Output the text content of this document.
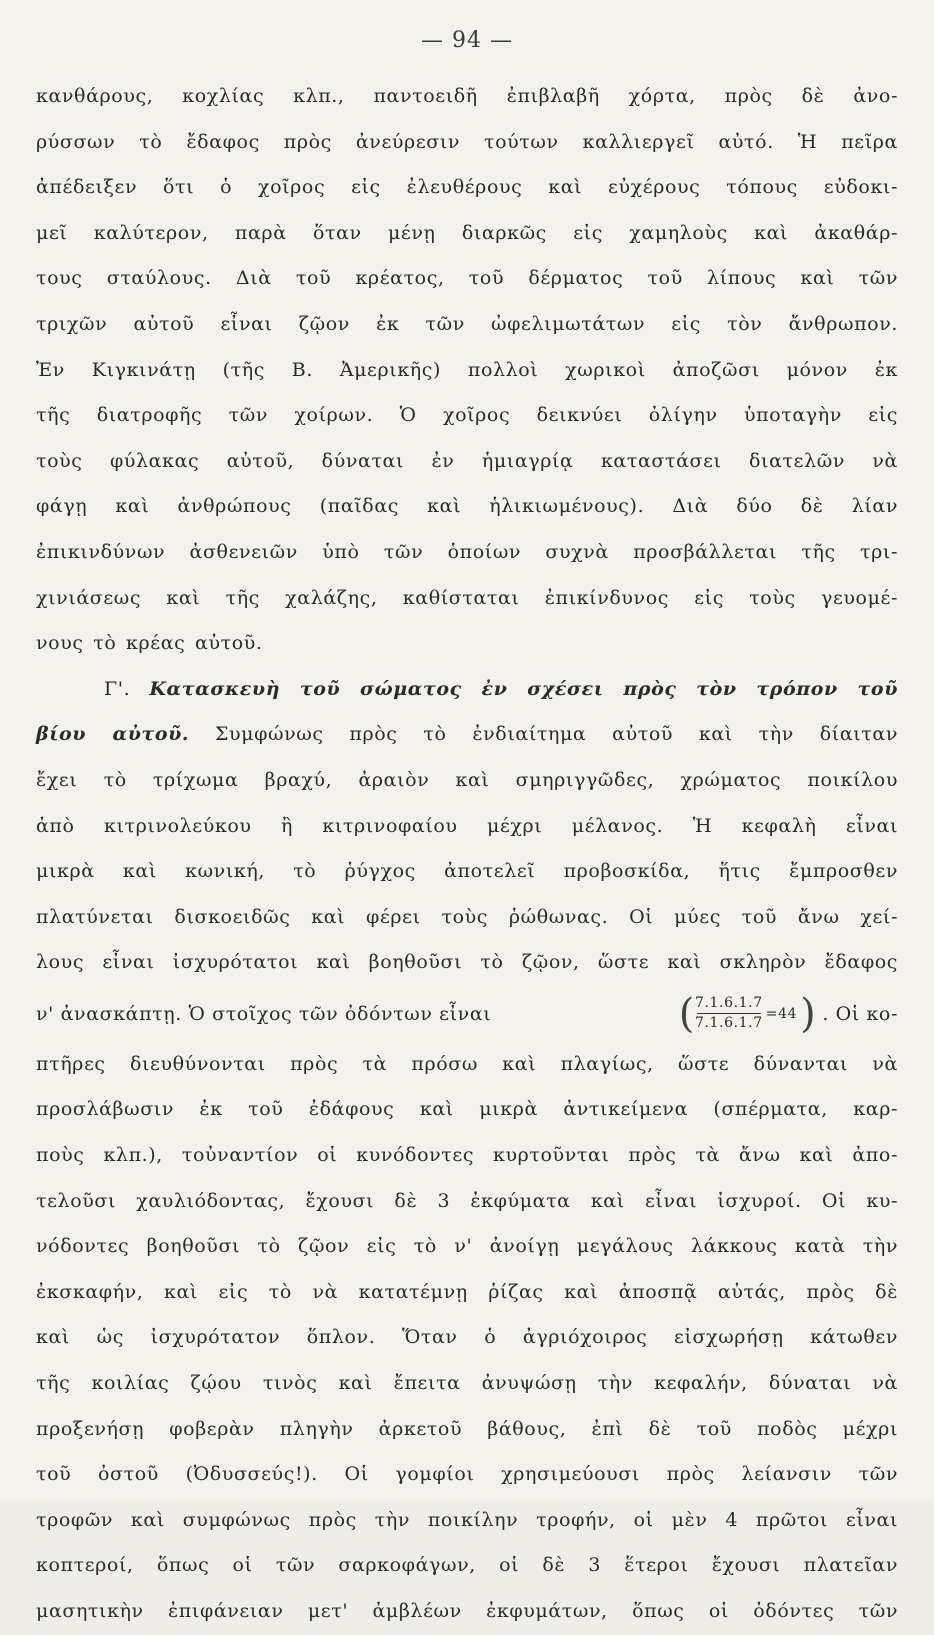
— 94 —
κανθάρους, κοχλίας κλπ., παντοειδῆ ἐπιβλαβῆ χόρτα, πρὸς δὲ ἀνο-
ρύσσων τὸ ἔδαφος πρὸς ἀνεύρεσιν τούτων καλλιεργεῖ αὐτό. Ἡ πεῖρα
ἀπέδειξεν ὅτι ὁ χοῖρος εἰς ἐλευθέρους καὶ εὐχέρους τόπους εὐδοκι-
μεῖ καλύτερον, παρὰ ὅταν μένῃ διαρκῶς εἰς χαμηλοὺς καὶ ἀκαθάρ-
τους σταύλους. Διὰ τοῦ κρέατος, τοῦ δέρματος τοῦ λίπους καὶ τῶν
τριχῶν αὐτοῦ εἶναι ζῷον ἐκ τῶν ὠφελιμωτάτων εἰς τὸν ἄνθρωπον.
Ἐν Κιγκινάτῃ (τῆς Β. Ἀμερικῆς) πολλοὶ χωρικοὶ ἀποζῶσι μόνον ἐκ
τῆς διατροφῆς τῶν χοίρων. Ὁ χοῖρος δεικνύει ὀλίγην ὑποταγὴν εἰς
τοὺς φύλακας αὐτοῦ, δύναται ἐν ἡμιαγρίᾳ καταστάσει διατελῶν νὰ
φάγῃ καὶ ἀνθρώπους (παῖδας καὶ ἡλικιωμένους). Διὰ δύο δὲ λίαν
ἐπικινδύνων ἀσθενειῶν ὑπὸ τῶν ὁποίων συχνὰ προσβάλλεται τῆς τρι-
χινιάσεως καὶ τῆς χαλάζης, καθίσταται ἐπικίνδυνος εἰς τοὺς γευομέ-
νους τὸ κρέας αὐτοῦ.
Γ'. Κατασκευὴ τοῦ σώματος ἐν σχέσει πρὸς τὸν τρόπον τοῦ
βίου αὐτοῦ. Συμφώνως πρὸς τὸ ἐνδιαίτημα αὐτοῦ καὶ τὴν δίαιταν
ἔχει τὸ τρίχωμα βραχύ, ἀραιὸν καὶ σμηριγγῶδες, χρώματος ποικίλου
ἀπὸ κιτρινολεύκου ἢ κιτρινοφαίου μέχρι μέλανος. Ἡ κεφαλὴ εἶναι
μικρὰ καὶ κωνική, τὸ ῥύγχος ἀποτελεῖ προβοσκίδα, ἥτις ἔμπροσθεν
πλατύνεται δισκοειδῶς καὶ φέρει τοὺς ῥώθωνας. Οἱ μύες τοῦ ἄνω χεί-
λους εἶναι ἰσχυρότατοι καὶ βοηθοῦσι τὸ ζῷον, ὥστε καὶ σκληρὸν ἔδαφος
ν' ἀνασκάπτῃ. Ὁ στοῖχος τῶν ὀδόντων εἶναι	( $\frac{7.1.6.1.7}{7.1.6.1.7} =44$ ) . Οἱ κο-
πτῆρες διευθύνονται πρὸς τὰ πρόσω καὶ πλαγίως, ὥστε δύνανται νὰ
προσλάβωσιν ἐκ τοῦ ἐδάφους καὶ μικρὰ ἀντικείμενα (σπέρματα, καρ-
ποὺς κλπ.), τοὐναντίον οἱ κυνόδοντες κυρτοῦνται πρὸς τὰ ἄνω καὶ ἀπο-
τελοῦσι χαυλιόδοντας, ἔχουσι δὲ 3 ἐκφύματα καὶ εἶναι ἰσχυροί. Οἱ κυ-
νόδοντες βοηθοῦσι τὸ ζῷον εἰς τὸ ν' ἀνοίγῃ μεγάλους λάκκους κατὰ τὴν
ἐκσκαφήν, καὶ εἰς τὸ νὰ κατατέμνῃ ῥίζας καὶ ἀποσπᾷ αὐτάς, πρὸς δὲ
καὶ ὡς ἰσχυρότατον ὅπλον. Ὅταν ὁ ἀγριόχοιρος εἰσχωρήσῃ κάτωθεν
τῆς κοιλίας ζῴου τινὸς καὶ ἔπειτα ἀνυψώσῃ τὴν κεφαλήν, δύναται νὰ
προξενήσῃ φοβερὰν πληγὴν ἀρκετοῦ βάθους, ἐπὶ δὲ τοῦ ποδὸς μέχρι
τοῦ ὀστοῦ (Ὀδυσσεύς!). Οἱ γομφίοι χρησιμεύουσι πρὸς λείανσιν τῶν
τροφῶν καὶ συμφώνως πρὸς τὴν ποικίλην τροφήν, οἱ μὲν 4 πρῶτοι εἶναι
κοπτεροί, ὅπως οἱ τῶν σαρκοφάγων, οἱ δὲ 3 ἕτεροι ἔχουσι πλατεῖαν
μασητικὴν ἐπιφάνειαν μετ' ἀμβλέων ἐκφυμάτων, ὅπως οἱ ὀδόντες τῶν
